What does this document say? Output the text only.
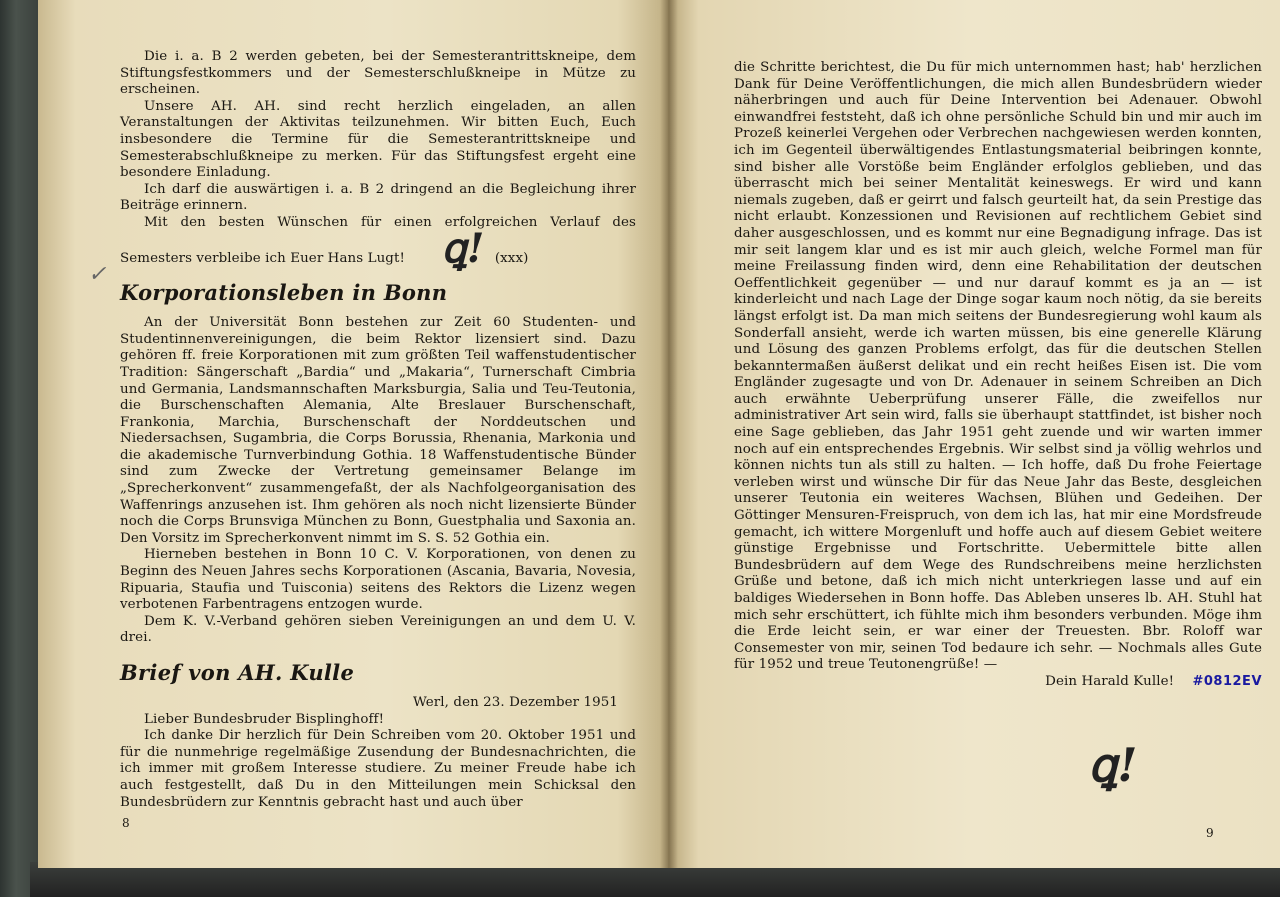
✓

Die i. a. B 2 werden gebeten, bei der Semesterantrittskneipe, dem Stiftungsfestkommers und der Semesterschlußkneipe in Mütze zu erscheinen.

Unsere AH. AH. sind recht herzlich eingeladen, an allen Veranstaltungen der Aktivitas teilzunehmen. Wir bitten Euch, Euch insbesondere die Termine für die Semesterantrittskneipe und Semesterabschlußkneipe zu merken. Für das Stiftungsfest ergeht eine besondere Einladung.

Ich darf die auswärtigen i. a. B 2 dringend an die Begleichung ihrer Beiträge erinnern.

Mit den besten Wünschen für einen erfolgreichen Verlauf des Semesters verbleibe ich Euer Hans Lugt! ꝗ! (xxx)

Korporationsleben in Bonn

An der Universität Bonn bestehen zur Zeit 60 Studenten- und Studentinnenvereinigungen, die beim Rektor lizensiert sind. Dazu gehören ff. freie Korporationen mit zum größten Teil waffenstudentischer Tradition: Sängerschaft „Bardia“ und „Makaria“, Turnerschaft Cimbria und Germania, Landsmannschaften Marksburgia, Salia und Teu-Teutonia, die Burschenschaften Alemania, Alte Breslauer Burschenschaft, Frankonia, Marchia, Burschenschaft der Norddeutschen und Niedersachsen, Sugambria, die Corps Borussia, Rhenania, Markonia und die akademische Turnverbindung Gothia. 18 Waffenstudentische Bünder sind zum Zwecke der Vertretung gemeinsamer Belange im „Sprecherkonvent“ zusammengefaßt, der als Nachfolgeorganisation des Waffenrings anzusehen ist. Ihm gehören als noch nicht lizensierte Bünder noch die Corps Brunsviga München zu Bonn, Guestphalia und Saxonia an. Den Vorsitz im Sprecherkonvent nimmt im S. S. 52 Gothia ein.

Hierneben bestehen in Bonn 10 C. V. Korporationen, von denen zu Beginn des Neuen Jahres sechs Korporationen (Ascania, Bavaria, Novesia, Ripuaria, Staufia und Tuisconia) seitens des Rektors die Lizenz wegen verbotenen Farbentragens entzogen wurde.

Dem K. V.-Verband gehören sieben Vereinigungen an und dem U. V. drei.

Brief von AH. Kulle

Werl, den 23. Dezember 1951

Lieber Bundesbruder Bisplinghoff!

Ich danke Dir herzlich für Dein Schreiben vom 20. Oktober 1951 und für die nunmehrige regelmäßige Zusendung der Bundesnachrichten, die ich immer mit großem Interesse studiere. Zu meiner Freude habe ich auch festgestellt, daß Du in den Mitteilungen mein Schicksal den Bundesbrüdern zur Kenntnis gebracht hast und auch über

8

die Schritte berichtest, die Du für mich unternommen hast; hab' herzlichen Dank für Deine Veröffentlichungen, die mich allen Bundesbrüdern wieder näherbringen und auch für Deine Intervention bei Adenauer. Obwohl einwandfrei feststeht, daß ich ohne persönliche Schuld bin und mir auch im Prozeß keinerlei Vergehen oder Verbrechen nachgewiesen werden konnten, ich im Gegenteil überwältigendes Entlastungsmaterial beibringen konnte, sind bisher alle Vorstöße beim Engländer erfolglos geblieben, und das überrascht mich bei seiner Mentalität keineswegs. Er wird und kann niemals zugeben, daß er geirrt und falsch geurteilt hat, da sein Prestige das nicht erlaubt. Konzessionen und Revisionen auf rechtlichem Gebiet sind daher ausgeschlossen, und es kommt nur eine Begnadigung infrage. Das ist mir seit langem klar und es ist mir auch gleich, welche Formel man für meine Freilassung finden wird, denn eine Rehabilitation der deutschen Oeffentlichkeit gegenüber — und nur darauf kommt es ja an — ist kinderleicht und nach Lage der Dinge sogar kaum noch nötig, da sie bereits längst erfolgt ist. Da man mich seitens der Bundesregierung wohl kaum als Sonderfall ansieht, werde ich warten müssen, bis eine generelle Klärung und Lösung des ganzen Problems erfolgt, das für die deutschen Stellen bekanntermaßen äußerst delikat und ein recht heißes Eisen ist. Die vom Engländer zugesagte und von Dr. Adenauer in seinem Schreiben an Dich auch erwähnte Ueberprüfung unserer Fälle, die zweifellos nur administrativer Art sein wird, falls sie überhaupt stattfindet, ist bisher noch eine Sage geblieben, das Jahr 1951 geht zuende und wir warten immer noch auf ein entsprechendes Ergebnis. Wir selbst sind ja völlig wehrlos und können nichts tun als still zu halten. — Ich hoffe, daß Du frohe Feiertage verleben wirst und wünsche Dir für das Neue Jahr das Beste, desgleichen unserer Teutonia ein weiteres Wachsen, Blühen und Gedeihen. Der Göttinger Mensuren-Freispruch, von dem ich las, hat mir eine Mordsfreude gemacht, ich wittere Morgenluft und hoffe auch auf diesem Gebiet weitere günstige Ergebnisse und Fortschritte. Uebermittele bitte allen Bundesbrüdern auf dem Wege des Rundschreibens meine herzlichsten Grüße und betone, daß ich mich nicht unterkriegen lasse und auf ein baldiges Wiedersehen in Bonn hoffe. Das Ableben unseres lb. AH. Stuhl hat mich sehr erschüttert, ich fühlte mich ihm besonders verbunden. Möge ihm die Erde leicht sein, er war einer der Treuesten. Bbr. Roloff war Consemester von mir, seinen Tod bedaure ich sehr. — Nochmals alles Gute für 1952 und treue Teutonengrüße! —

Dein Harald Kulle! #0812EV

ꝗ!
9
